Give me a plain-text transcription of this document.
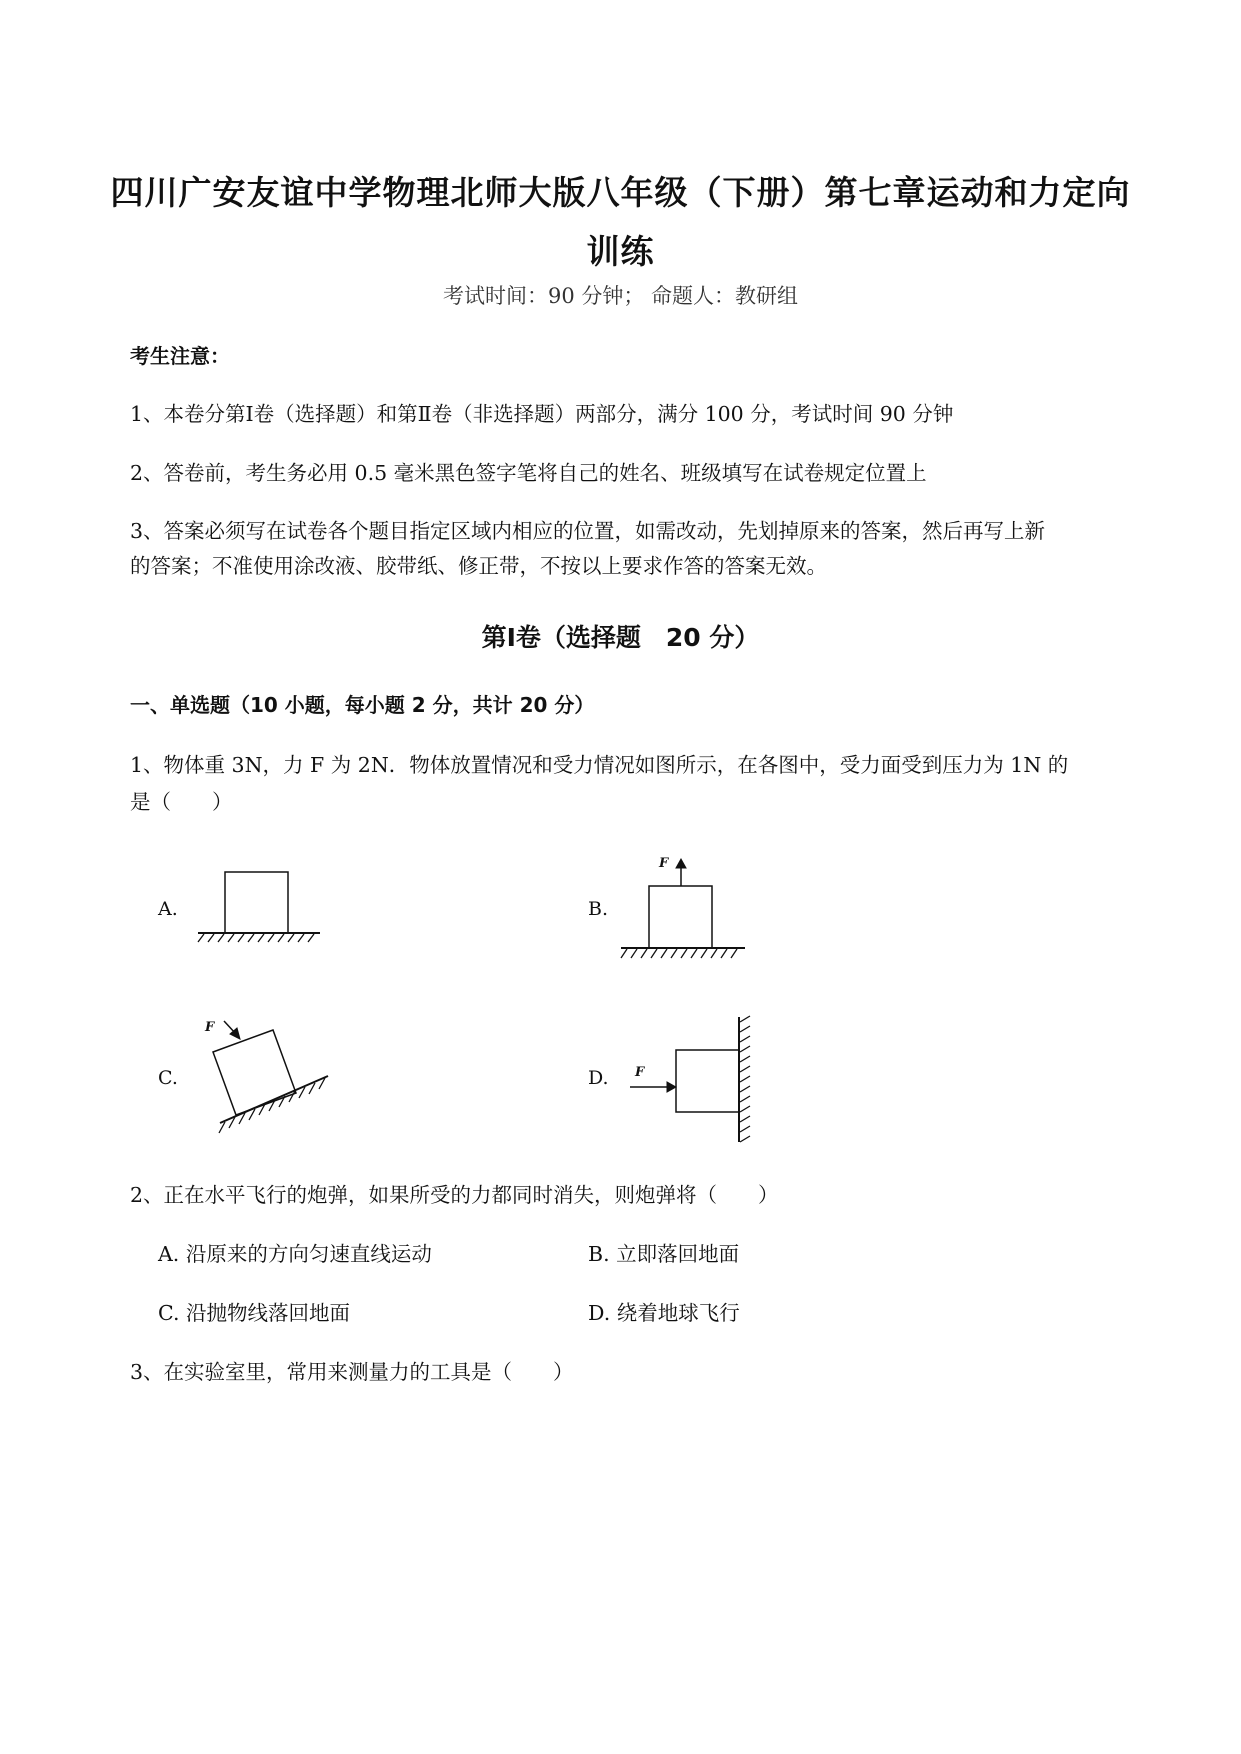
四川广安友谊中学物理北师大版八年级（下册）第七章运动和力定向
训练
考试时间：90 分钟； 命题人：教研组
考生注意：
1、本卷分第Ⅰ卷（选择题）和第Ⅱ卷（非选择题）两部分，满分 100 分，考试时间 90 分钟
2、答卷前，考生务必用 0.5 毫米黑色签字笔将自己的姓名、班级填写在试卷规定位置上
3、答案必须写在试卷各个题目指定区域内相应的位置，如需改动，先划掉原来的答案，然后再写上新
的答案；不准使用涂改液、胶带纸、修正带，不按以上要求作答的答案无效。
第Ⅰ卷（选择题　20 分）
一、单选题（10 小题，每小题 2 分，共计 20 分）
1、物体重 3N，力 F 为 2N．物体放置情况和受力情况如图所示，在各图中，受力面受到压力为 1N 的
是（　　）
A.	B.
C.	D.
F
F
F
2、正在水平飞行的炮弹，如果所受的力都同时消失，则炮弹将（　　）
A. 沿原来的方向匀速直线运动	B. 立即落回地面
C. 沿抛物线落回地面	D. 绕着地球飞行
3、在实验室里，常用来测量力的工具是（　　）
